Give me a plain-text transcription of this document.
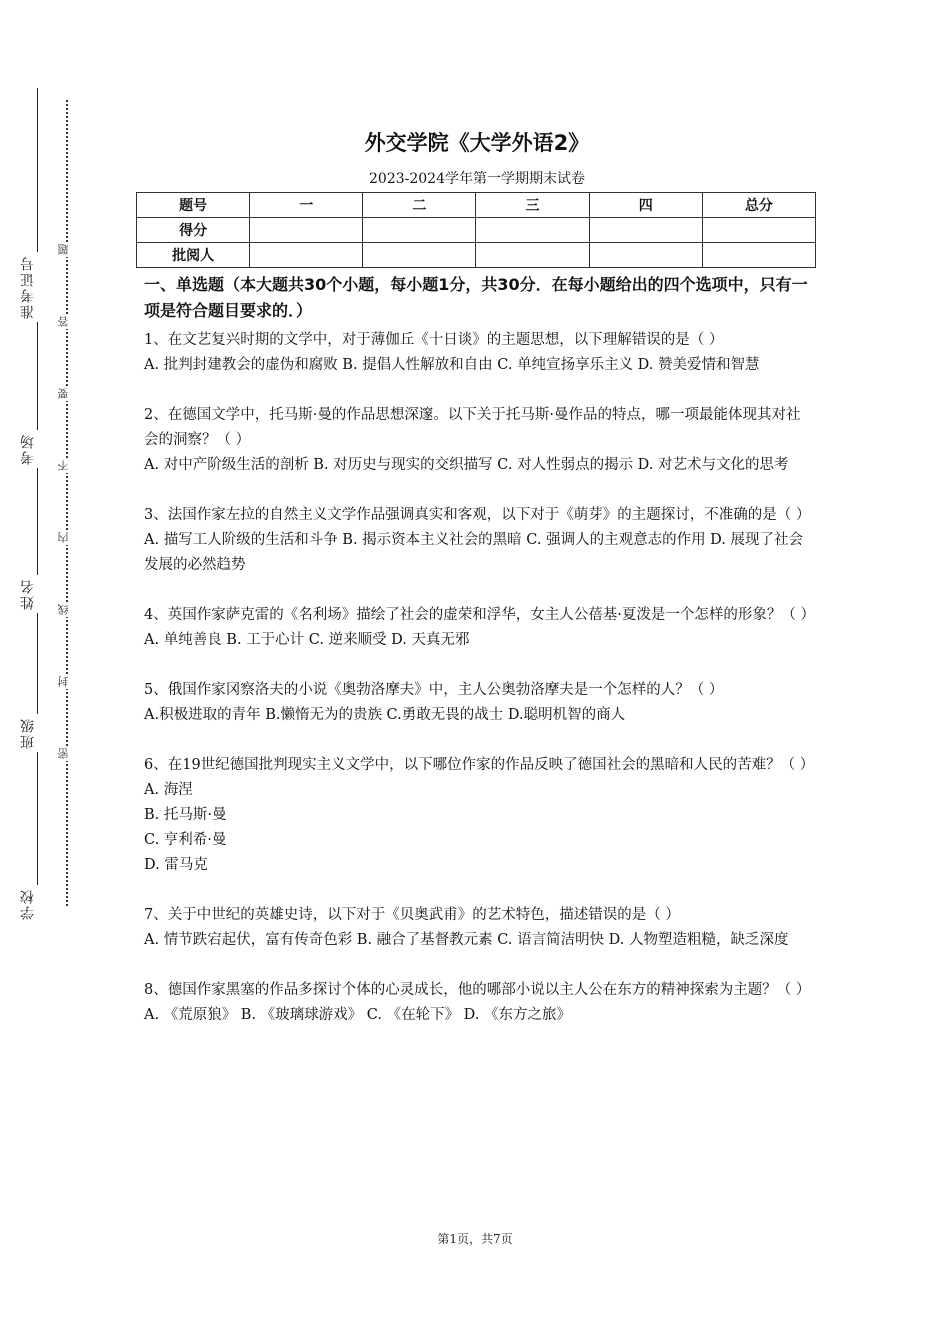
准考证号
考场
姓名
班级
学校
题
答
要
不
内
线
封
密
外交学院《大学外语2》
2023-2024学年第一学期期末试卷
题号	一	二	三	四	总分
得分					
批阅人					
一、单选题（本大题共30个小题，每小题1分，共30分．在每小题给出的四个选项中，只有一项是符合题目要求的．）
1、在文艺复兴时期的文学中，对于薄伽丘《十日谈》的主题思想，以下理解错误的是（ ）
A. 批判封建教会的虚伪和腐败 B. 提倡人性解放和自由 C. 单纯宣扬享乐主义 D. 赞美爱情和智慧
2、在德国文学中，托马斯·曼的作品思想深邃。以下关于托马斯·曼作品的特点，哪一项最能体现其对社会的洞察？（ ）
A. 对中产阶级生活的剖析 B. 对历史与现实的交织描写 C. 对人性弱点的揭示 D. 对艺术与文化的思考
3、法国作家左拉的自然主义文学作品强调真实和客观，以下对于《萌芽》的主题探讨，不准确的是（ ）
A. 描写工人阶级的生活和斗争 B. 揭示资本主义社会的黑暗 C. 强调人的主观意志的作用 D. 展现了社会发展的必然趋势
4、英国作家萨克雷的《名利场》描绘了社会的虚荣和浮华，女主人公蓓基·夏泼是一个怎样的形象？（ ）
A. 单纯善良 B. 工于心计 C. 逆来顺受 D. 天真无邪
5、俄国作家冈察洛夫的小说《奥勃洛摩夫》中，主人公奥勃洛摩夫是一个怎样的人？（ ）
A.积极进取的青年 B.懒惰无为的贵族 C.勇敢无畏的战士 D.聪明机智的商人
6、在19世纪德国批判现实主义文学中，以下哪位作家的作品反映了德国社会的黑暗和人民的苦难？（ ）
A. 海涅
B. 托马斯·曼
C. 亨利希·曼
D. 雷马克
7、关于中世纪的英雄史诗，以下对于《贝奥武甫》的艺术特色，描述错误的是（ ）
A. 情节跌宕起伏，富有传奇色彩 B. 融合了基督教元素 C. 语言简洁明快 D. 人物塑造粗糙，缺乏深度
8、德国作家黑塞的作品多探讨个体的心灵成长，他的哪部小说以主人公在东方的精神探索为主题？（ ）
A. 《荒原狼》 B. 《玻璃球游戏》 C. 《在轮下》 D. 《东方之旅》
第1页，共7页
